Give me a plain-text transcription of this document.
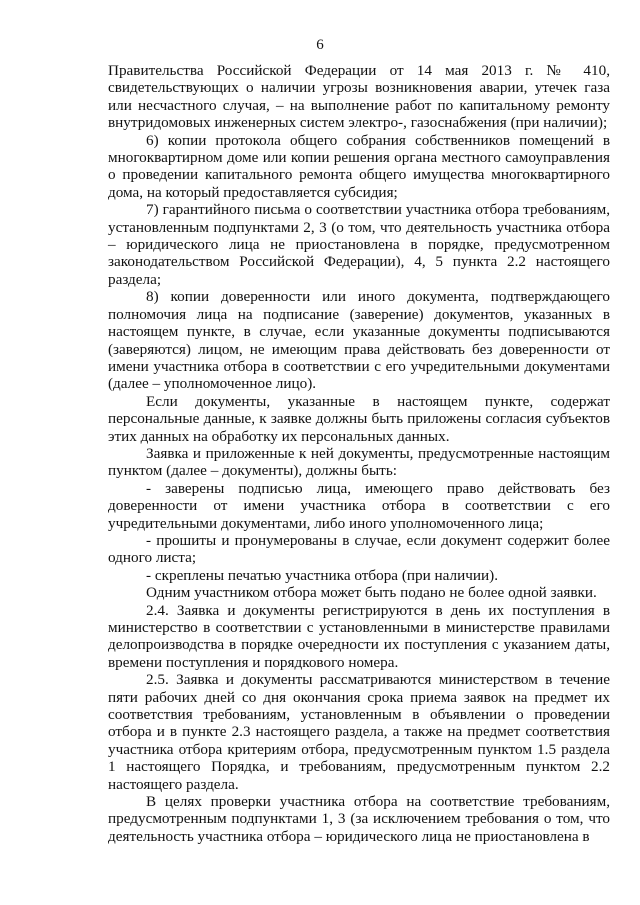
6

Правительства Российской Федерации от 14 мая 2013 г. № 410, свидетельствующих о наличии угрозы возникновения аварии, утечек газа или несчастного случая, – на выполнение работ по капитальному ремонту внутридомовых инженерных систем электро-, газоснабжения (при наличии);

6) копии протокола общего собрания собственников помещений в многоквартирном доме или копии решения органа местного самоуправления о проведении капитального ремонта общего имущества многоквартирного дома, на который предоставляется субсидия;

7) гарантийного письма о соответствии участника отбора требованиям, установленным подпунктами 2, 3 (о том, что деятельность участника отбора – юридического лица не приостановлена в порядке, предусмотренном законодательством Российской Федерации), 4, 5 пункта 2.2 настоящего раздела;

8) копии доверенности или иного документа, подтверждающего полномочия лица на подписание (заверение) документов, указанных в настоящем пункте, в случае, если указанные документы подписываются (заверяются) лицом, не имеющим права действовать без доверенности от имени участника отбора в соответствии с его учредительными документами (далее – уполномоченное лицо).

Если документы, указанные в настоящем пункте, содержат персональные данные, к заявке должны быть приложены согласия субъектов этих данных на обработку их персональных данных.

Заявка и приложенные к ней документы, предусмотренные настоящим пунктом (далее – документы), должны быть:

- заверены подписью лица, имеющего право действовать без доверенности от имени участника отбора в соответствии с его учредительными документами, либо иного уполномоченного лица;

- прошиты и пронумерованы в случае, если документ содержит более одного листа;

- скреплены печатью участника отбора (при наличии).

Одним участником отбора может быть подано не более одной заявки.

2.4. Заявка и документы регистрируются в день их поступления в министерство в соответствии с установленными в министерстве правилами делопроизводства в порядке очередности их поступления с указанием даты, времени поступления и порядкового номера.

2.5. Заявка и документы рассматриваются министерством в течение пяти рабочих дней со дня окончания срока приема заявок на предмет их соответствия требованиям, установленным в объявлении о проведении отбора и в пункте 2.3 настоящего раздела, а также на предмет соответствия участника отбора критериям отбора, предусмотренным пунктом 1.5 раздела 1 настоящего Порядка, и требованиям, предусмотренным пунктом 2.2 настоящего раздела.

В целях проверки участника отбора на соответствие требованиям, предусмотренным подпунктами 1, 3 (за исключением требования о том, что деятельность участника отбора – юридического лица не приостановлена в
